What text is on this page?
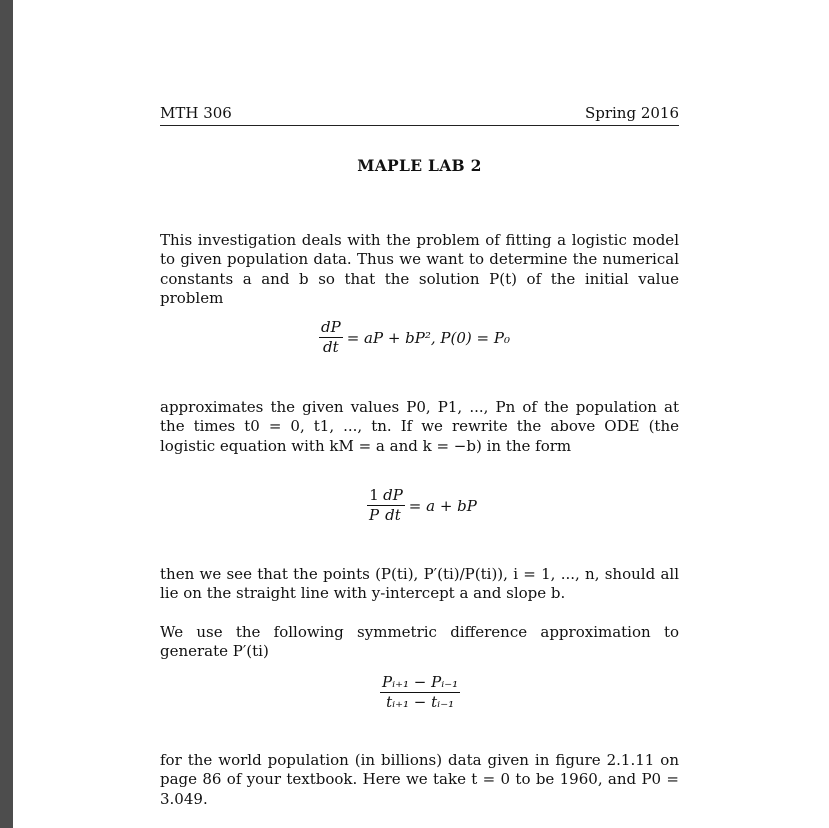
MTH 306	Spring 2016
MAPLE LAB 2

This investigation deals with the problem of fitting a logistic model to given population data. Thus we want to determine the numerical constants a and b so that the solution P(t) of the initial value problem

$\frac{dP}{dt}$ = aP + bP², P(0) = P₀

approximates the given values P0, P1, ..., Pn of the population at the times t0 = 0, t1, ..., tn. If we rewrite the above ODE (the logistic equation with kM = a and k = −b) in the form

$\frac{1}{P} \frac{dP}{dt} = a$ + bP

then we see that the points (P(ti), P′(ti)/P(ti)), i = 1, ..., n, should all lie on the straight line with y-intercept a and slope b.

We use the following symmetric difference approximation to generate P′(ti)

$\frac{\text{Pᵢ₊₁ − Pᵢ₋₁}}{\text{tᵢ₊₁ − tᵢ₋₁}}$

for the world population (in billions) data given in figure 2.1.11 on page 86 of your textbook. Here we take t = 0 to be 1960, and P0 = 3.049.
